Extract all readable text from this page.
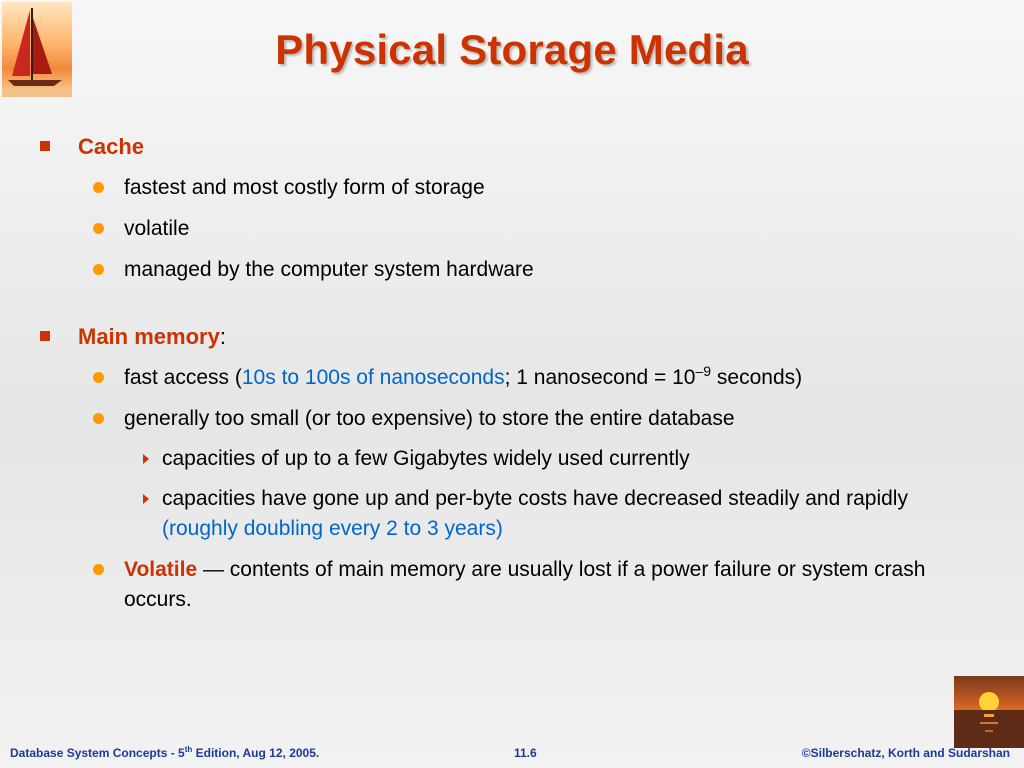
Physical Storage Media
Cache
fastest and most costly form of storage
volatile
managed by the computer system hardware
Main memory:
fast access (10s to 100s of nanoseconds; 1 nanosecond = $10^{-9}$ seconds)
generally too small (or too expensive) to store the entire database
capacities of up to a few Gigabytes widely used currently
capacities have gone up and per-byte costs have decreased steadily and rapidly  (roughly doubling every 2 to 3 years)
Volatile — contents of main memory are usually lost if a power failure or system crash occurs.
Database System Concepts - 5th Edition, Aug 12, 2005.	11.6	©Silberschatz, Korth and Sudarshan
